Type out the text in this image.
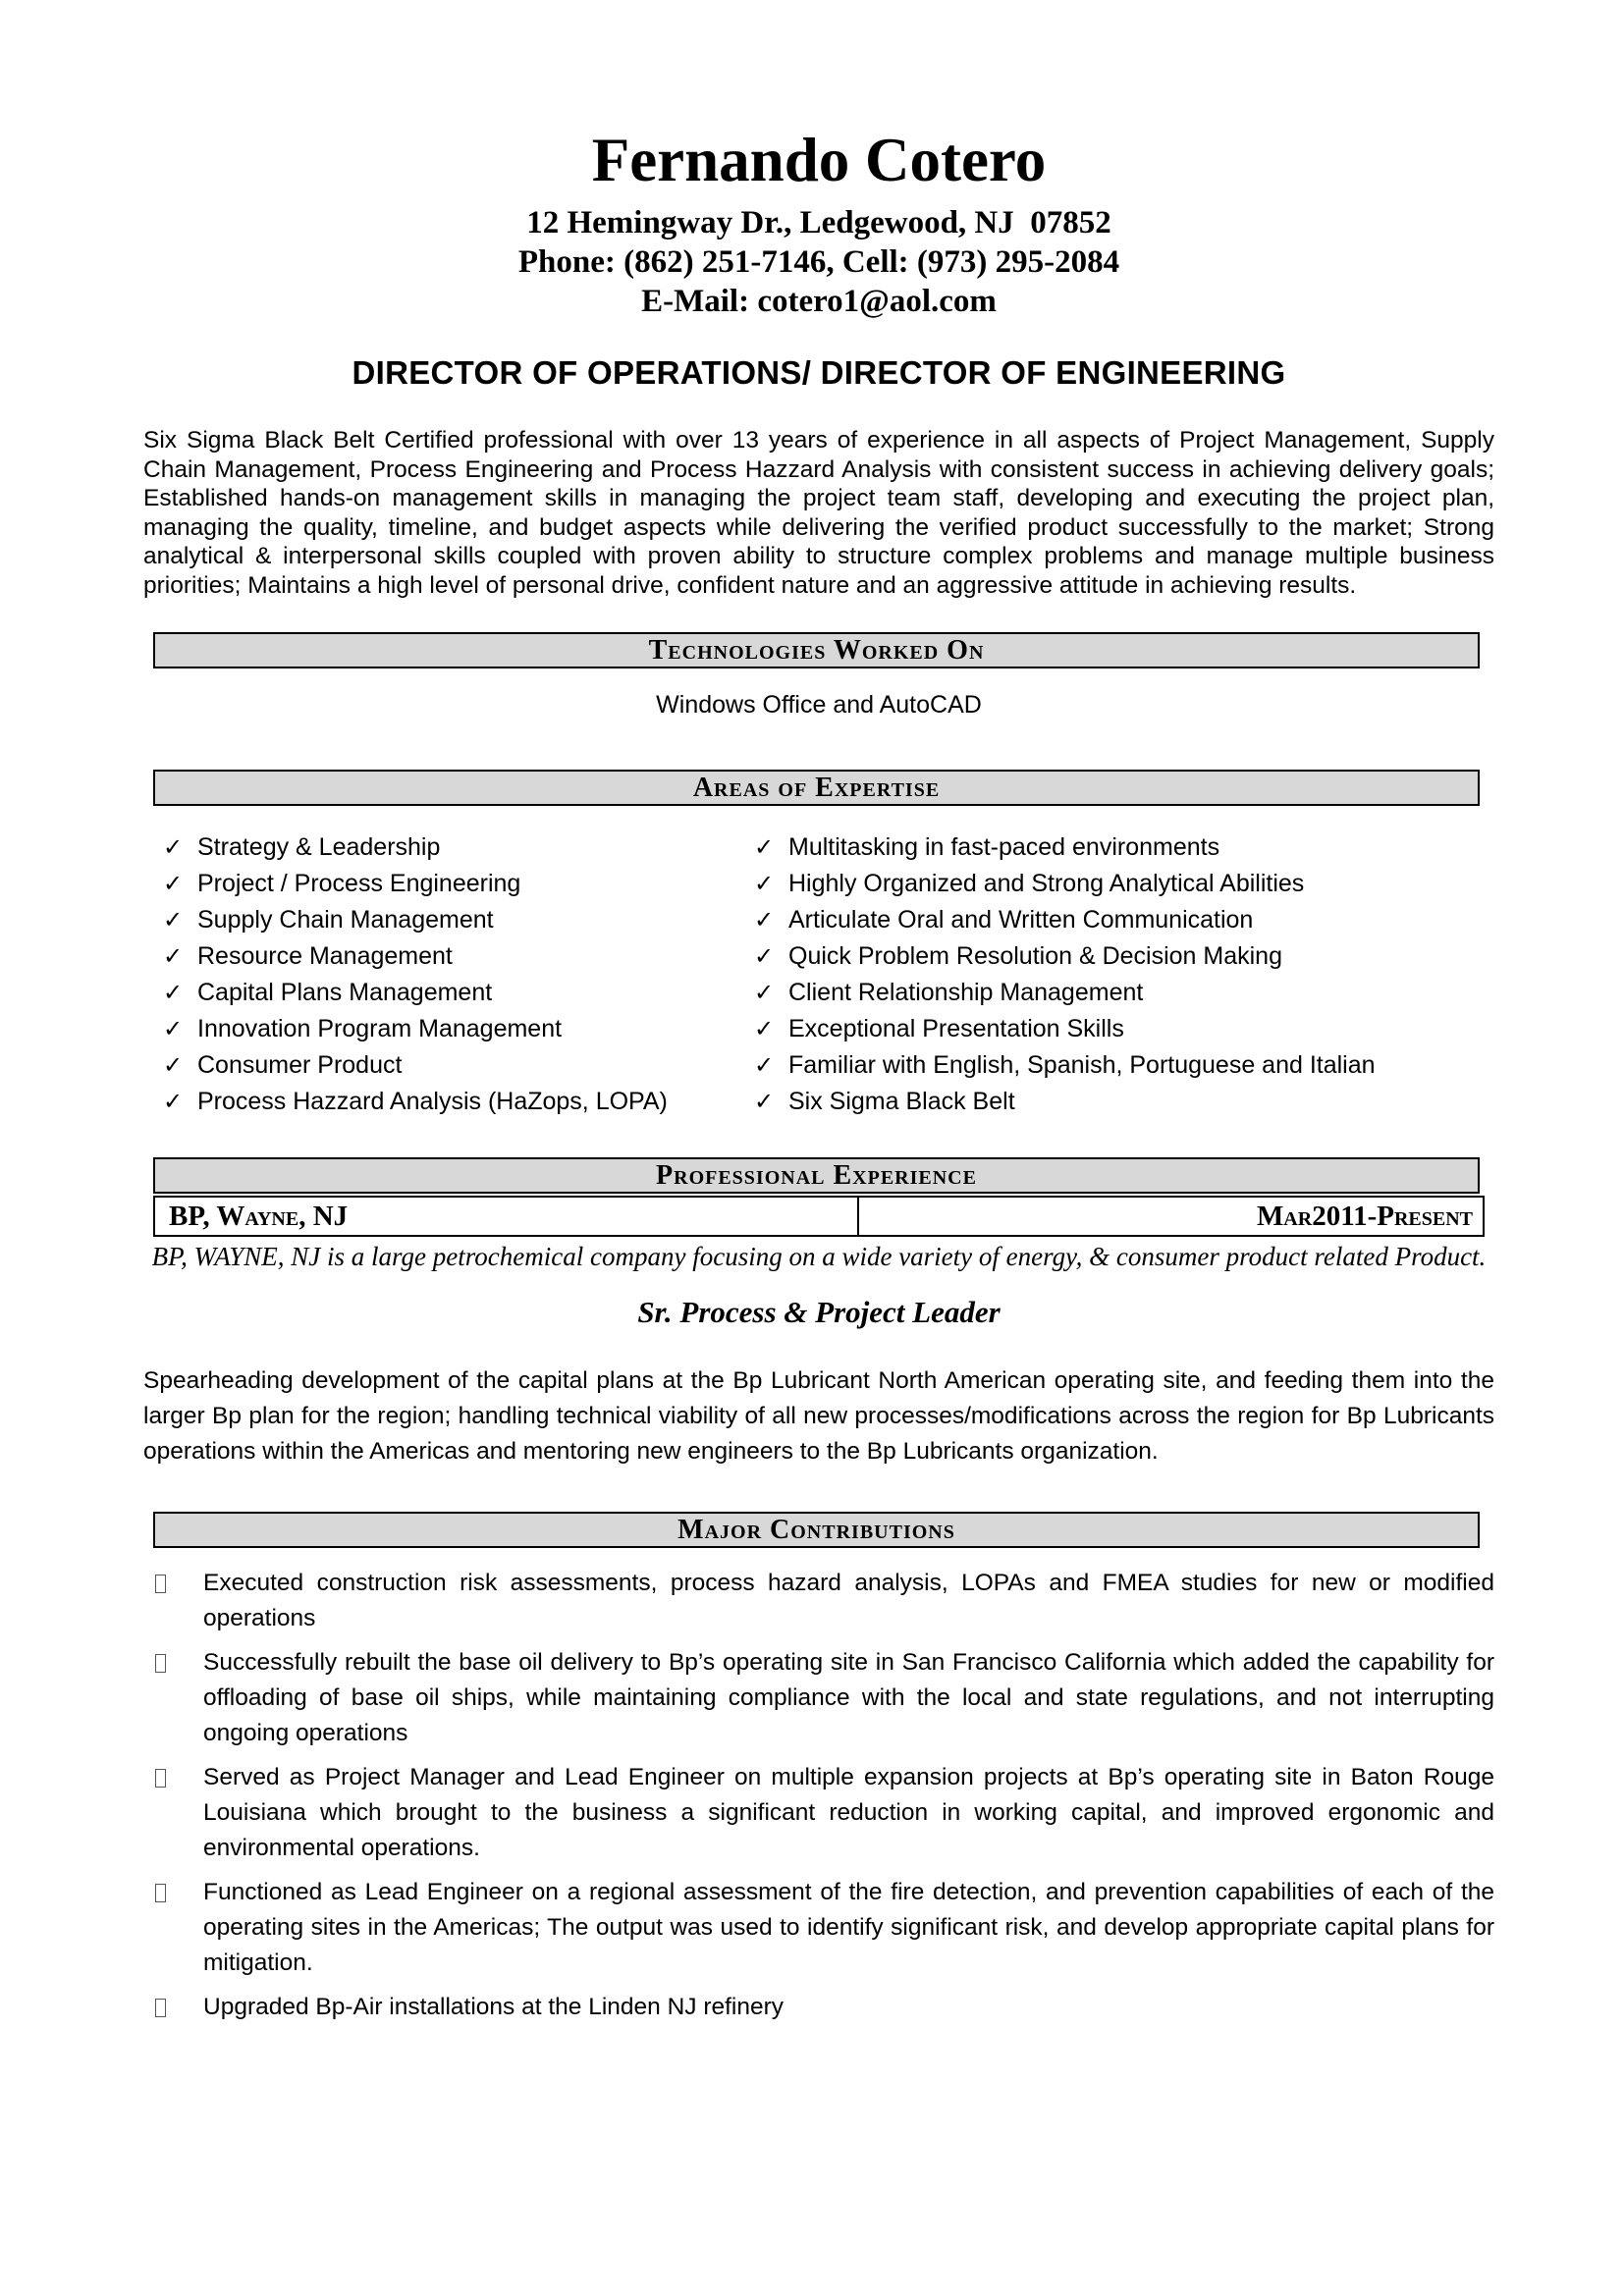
Fernando Cotero
12 Hemingway Dr., Ledgewood, NJ  07852
Phone: (862) 251-7146, Cell: (973) 295-2084
E-Mail: cotero1@aol.com
DIRECTOR OF OPERATIONS/ DIRECTOR OF ENGINEERING
Six Sigma Black Belt Certified professional with over 13 years of experience in all aspects of Project Management, Supply Chain Management, Process Engineering and Process Hazzard Analysis with consistent success in achieving delivery goals; Established hands-on management skills in managing the project team staff, developing and executing the project plan, managing the quality, timeline, and budget aspects while delivering the verified product successfully to the market; Strong analytical & interpersonal skills coupled with proven ability to structure complex problems and manage multiple business priorities; Maintains a high level of personal drive, confident nature and an aggressive attitude in achieving results.
Technologies Worked On
Windows Office and AutoCAD
Areas of Expertise
✓ Strategy & Leadership
✓ Project / Process Engineering
✓ Supply Chain Management
✓ Resource Management
✓ Capital Plans Management
✓ Innovation Program Management
✓ Consumer Product
✓ Process Hazzard Analysis (HaZops, LOPA)
✓ Multitasking in fast-paced environments
✓ Highly Organized and Strong Analytical Abilities
✓ Articulate Oral and Written Communication
✓ Quick Problem Resolution & Decision Making
✓ Client Relationship Management
✓ Exceptional Presentation Skills
✓ Familiar with English, Spanish, Portuguese and Italian
✓ Six Sigma Black Belt
Professional Experience
BP, Wayne, NJ	Mar2011-Present
BP, WAYNE, NJ is a large petrochemical company focusing on a wide variety of energy, & consumer product related Product.
Sr. Process & Project Leader
Spearheading development of the capital plans at the Bp Lubricant North American operating site, and feeding them into the larger Bp plan for the region; handling technical viability of all new processes/modifications across the region for Bp Lubricants operations within the Americas and mentoring new engineers to the Bp Lubricants organization.
Major Contributions
Executed construction risk assessments, process hazard analysis, LOPAs and FMEA studies for new or modified operations
Successfully rebuilt the base oil delivery to Bp’s operating site in San Francisco California which added the capability for offloading of base oil ships, while maintaining compliance with the local and state regulations, and not interrupting ongoing operations
Served as Project Manager and Lead Engineer on multiple expansion projects at Bp’s operating site in Baton Rouge Louisiana which brought to the business a significant reduction in working capital, and improved ergonomic and environmental operations.
Functioned as Lead Engineer on a regional assessment of the fire detection, and prevention capabilities of each of the operating sites in the Americas; The output was used to identify significant risk, and develop appropriate capital plans for mitigation.
Upgraded Bp-Air installations at the Linden NJ refinery
